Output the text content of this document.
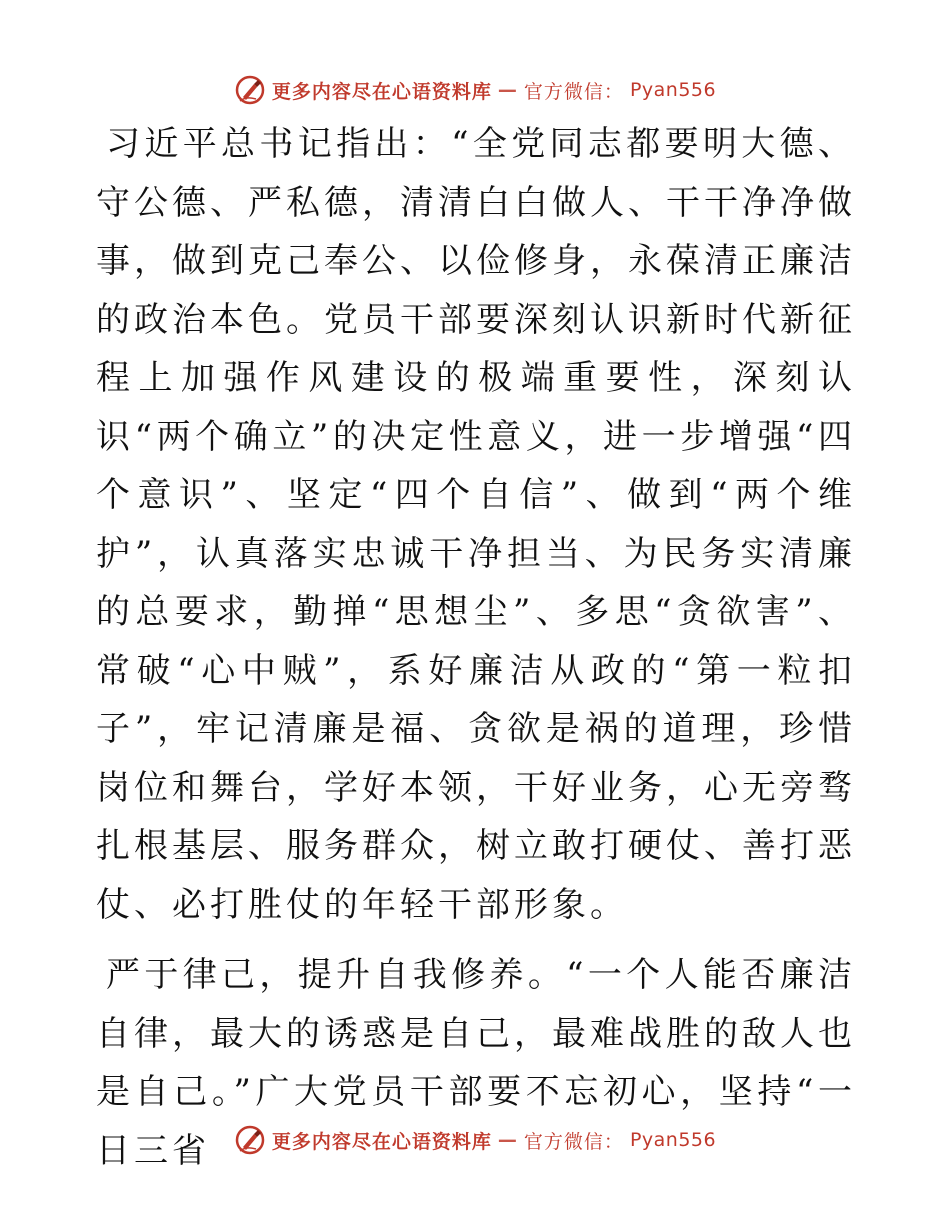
更多内容尽在心语资料库 — 官方微信： Pyan556

习近平总书记指出：“全党同志都要明大德、守公德、严私德，清清白白做人、干干净净做事，做到克己奉公、以俭修身，永葆清正廉洁的政治本色。党员干部要深刻认识新时代新征程上加强作风建设的极端重要性，深刻认识“两个确立”的决定性意义，进一步增强“四个意识”、坚定“四个自信”、做到“两个维护”，认真落实忠诚干净担当、为民务实清廉的总要求，勤掸“思想尘”、多思“贪欲害”、常破“心中贼”，系好廉洁从政的“第一粒扣子”，牢记清廉是福、贪欲是祸的道理，珍惜岗位和舞台，学好本领，干好业务，心无旁骛扎根基层、服务群众，树立敢打硬仗、善打恶仗、必打胜仗的年轻干部形象。

严于律己，提升自我修养。“一个人能否廉洁自律，最大的诱惑是自己，最难战胜的敌人也是自己。”广大党员干部要不忘初心，坚持“一日三省	更多内容尽在心语资料库 — 官方微信： Pyan556
